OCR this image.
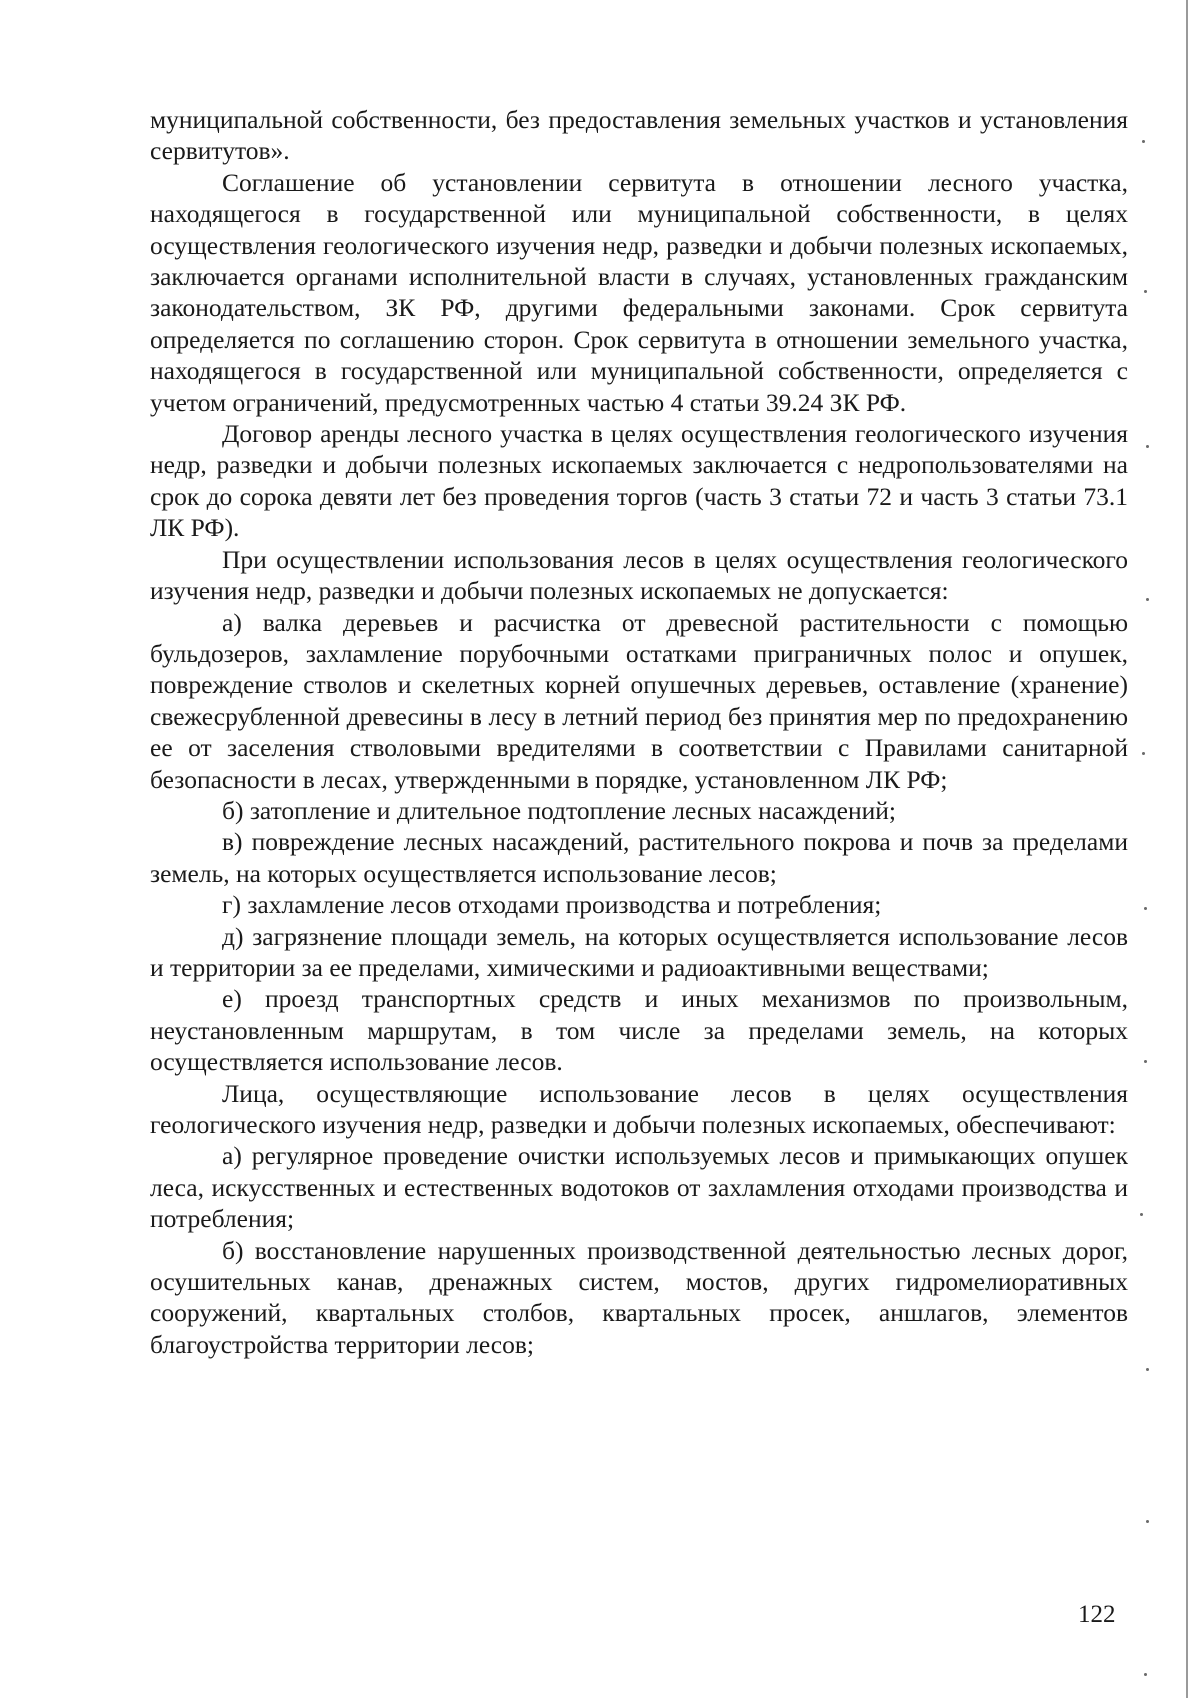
муниципальной собственности, без предоставления земельных участков и установления сервитутов».

Соглашение об установлении сервитута в отношении лесного участка, находящегося в государственной или муниципальной собственности, в целях осуществления геологического изучения недр, разведки и добычи полезных ископаемых, заключается органами исполнительной власти в случаях, установленных гражданским законодательством, ЗК РФ, другими федеральными законами. Срок сервитута определяется по соглашению сторон. Срок сервитута в отношении земельного участка, находящегося в государственной или муниципальной собственности, определяется с учетом ограничений, предусмотренных частью 4 статьи 39.24 ЗК РФ.

Договор аренды лесного участка в целях осуществления геологического изучения недр, разведки и добычи полезных ископаемых заключается с недропользователями на срок до сорока девяти лет без проведения торгов (часть 3 статьи 72 и часть 3 статьи 73.1 ЛК РФ).

При осуществлении использования лесов в целях осуществления геологического изучения недр, разведки и добычи полезных ископаемых не допускается:

а) валка деревьев и расчистка от древесной растительности с помощью бульдозеров, захламление порубочными остатками приграничных полос и опушек, повреждение стволов и скелетных корней опушечных деревьев, оставление (хранение) свежесрубленной древесины в лесу в летний период без принятия мер по предохранению ее от заселения стволовыми вредителями в соответствии с Правилами санитарной безопасности в лесах, утвержденными в порядке, установленном ЛК РФ;

б) затопление и длительное подтопление лесных насаждений;

в) повреждение лесных насаждений, растительного покрова и почв за пределами земель, на которых осуществляется использование лесов;

г) захламление лесов отходами производства и потребления;

д) загрязнение площади земель, на которых осуществляется использование лесов и территории за ее пределами, химическими и радиоактивными веществами;

е) проезд транспортных средств и иных механизмов по произвольным, неустановленным маршрутам, в том числе за пределами земель, на которых осуществляется использование лесов.

Лица, осуществляющие использование лесов в целях осуществления геологического изучения недр, разведки и добычи полезных ископаемых, обеспечивают:

а) регулярное проведение очистки используемых лесов и примыкающих опушек леса, искусственных и естественных водотоков от захламления отходами производства и потребления;

б) восстановление нарушенных производственной деятельностью лесных дорог, осушительных канав, дренажных систем, мостов, других гидромелиоративных сооружений, квартальных столбов, квартальных просек, аншлагов, элементов благоустройства территории лесов;

122
